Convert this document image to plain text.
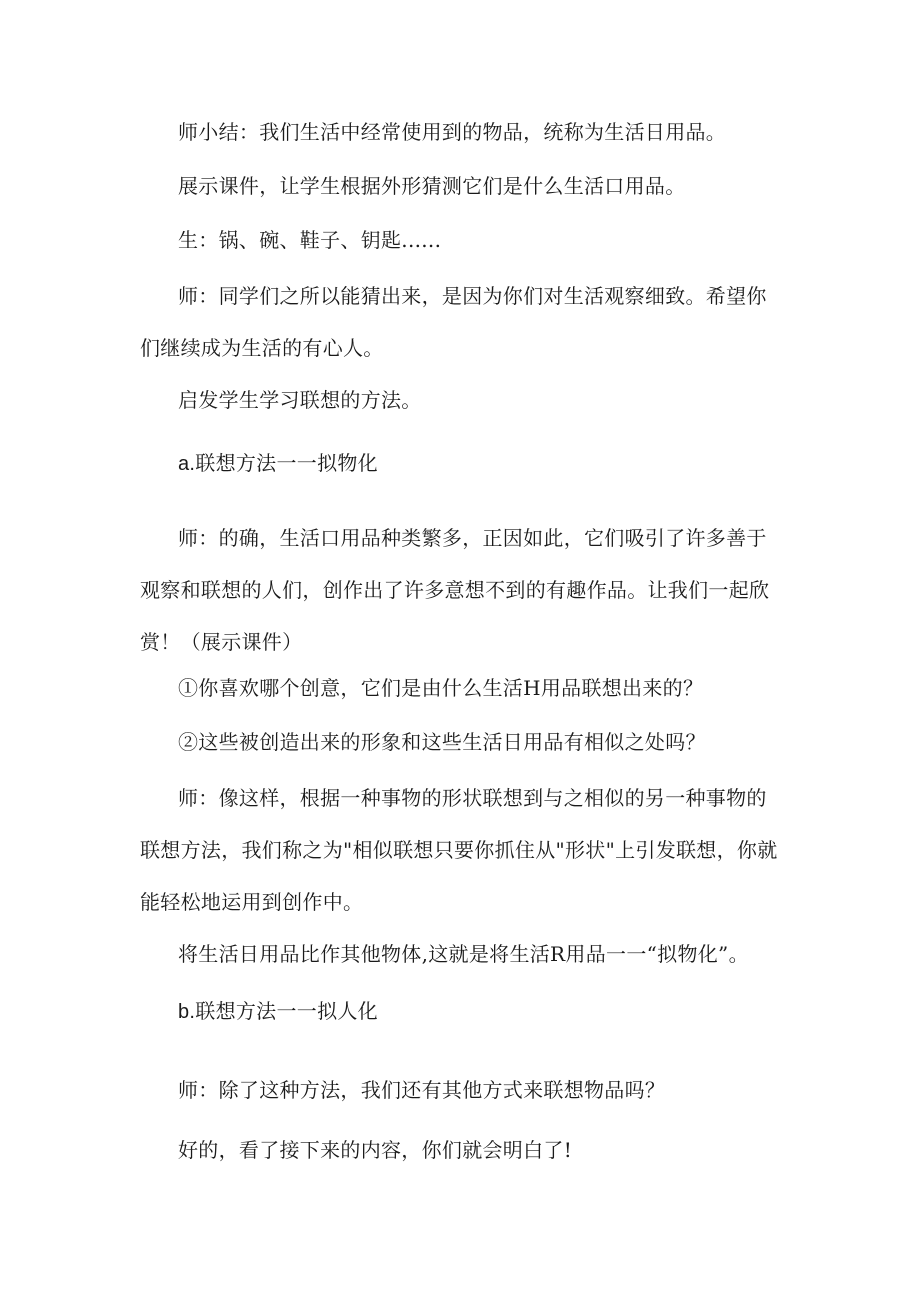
师小结：我们生活中经常使用到的物品，统称为生活日用品。

展示课件，让学生根据外形猜测它们是什么生活口用品。

生：锅、碗、鞋子、钥匙......

师：同学们之所以能猜出来，是因为你们对生活观察细致。希望你们继续成为生活的有心人。

启发学生学习联想的方法。

a.联想方法一一拟物化

师：的确，生活口用品种类繁多，正因如此，它们吸引了许多善于观察和联想的人们，创作出了许多意想不到的有趣作品。让我们一起欣赏！（展示课件）

①你喜欢哪个创意，它们是由什么生活H用品联想出来的？

②这些被创造出来的形象和这些生活日用品有相似之处吗？

师：像这样，根据一种事物的形状联想到与之相似的另一种事物的联想方法，我们称之为"相似联想只要你抓住从"形状"上引发联想，你就能轻松地运用到创作中。

将生活日用品比作其他物体,这就是将生活R用品一一“拟物化”。

b.联想方法一一拟人化

师：除了这种方法，我们还有其他方式来联想物品吗？

好的，看了接下来的内容，你们就会明白了!
